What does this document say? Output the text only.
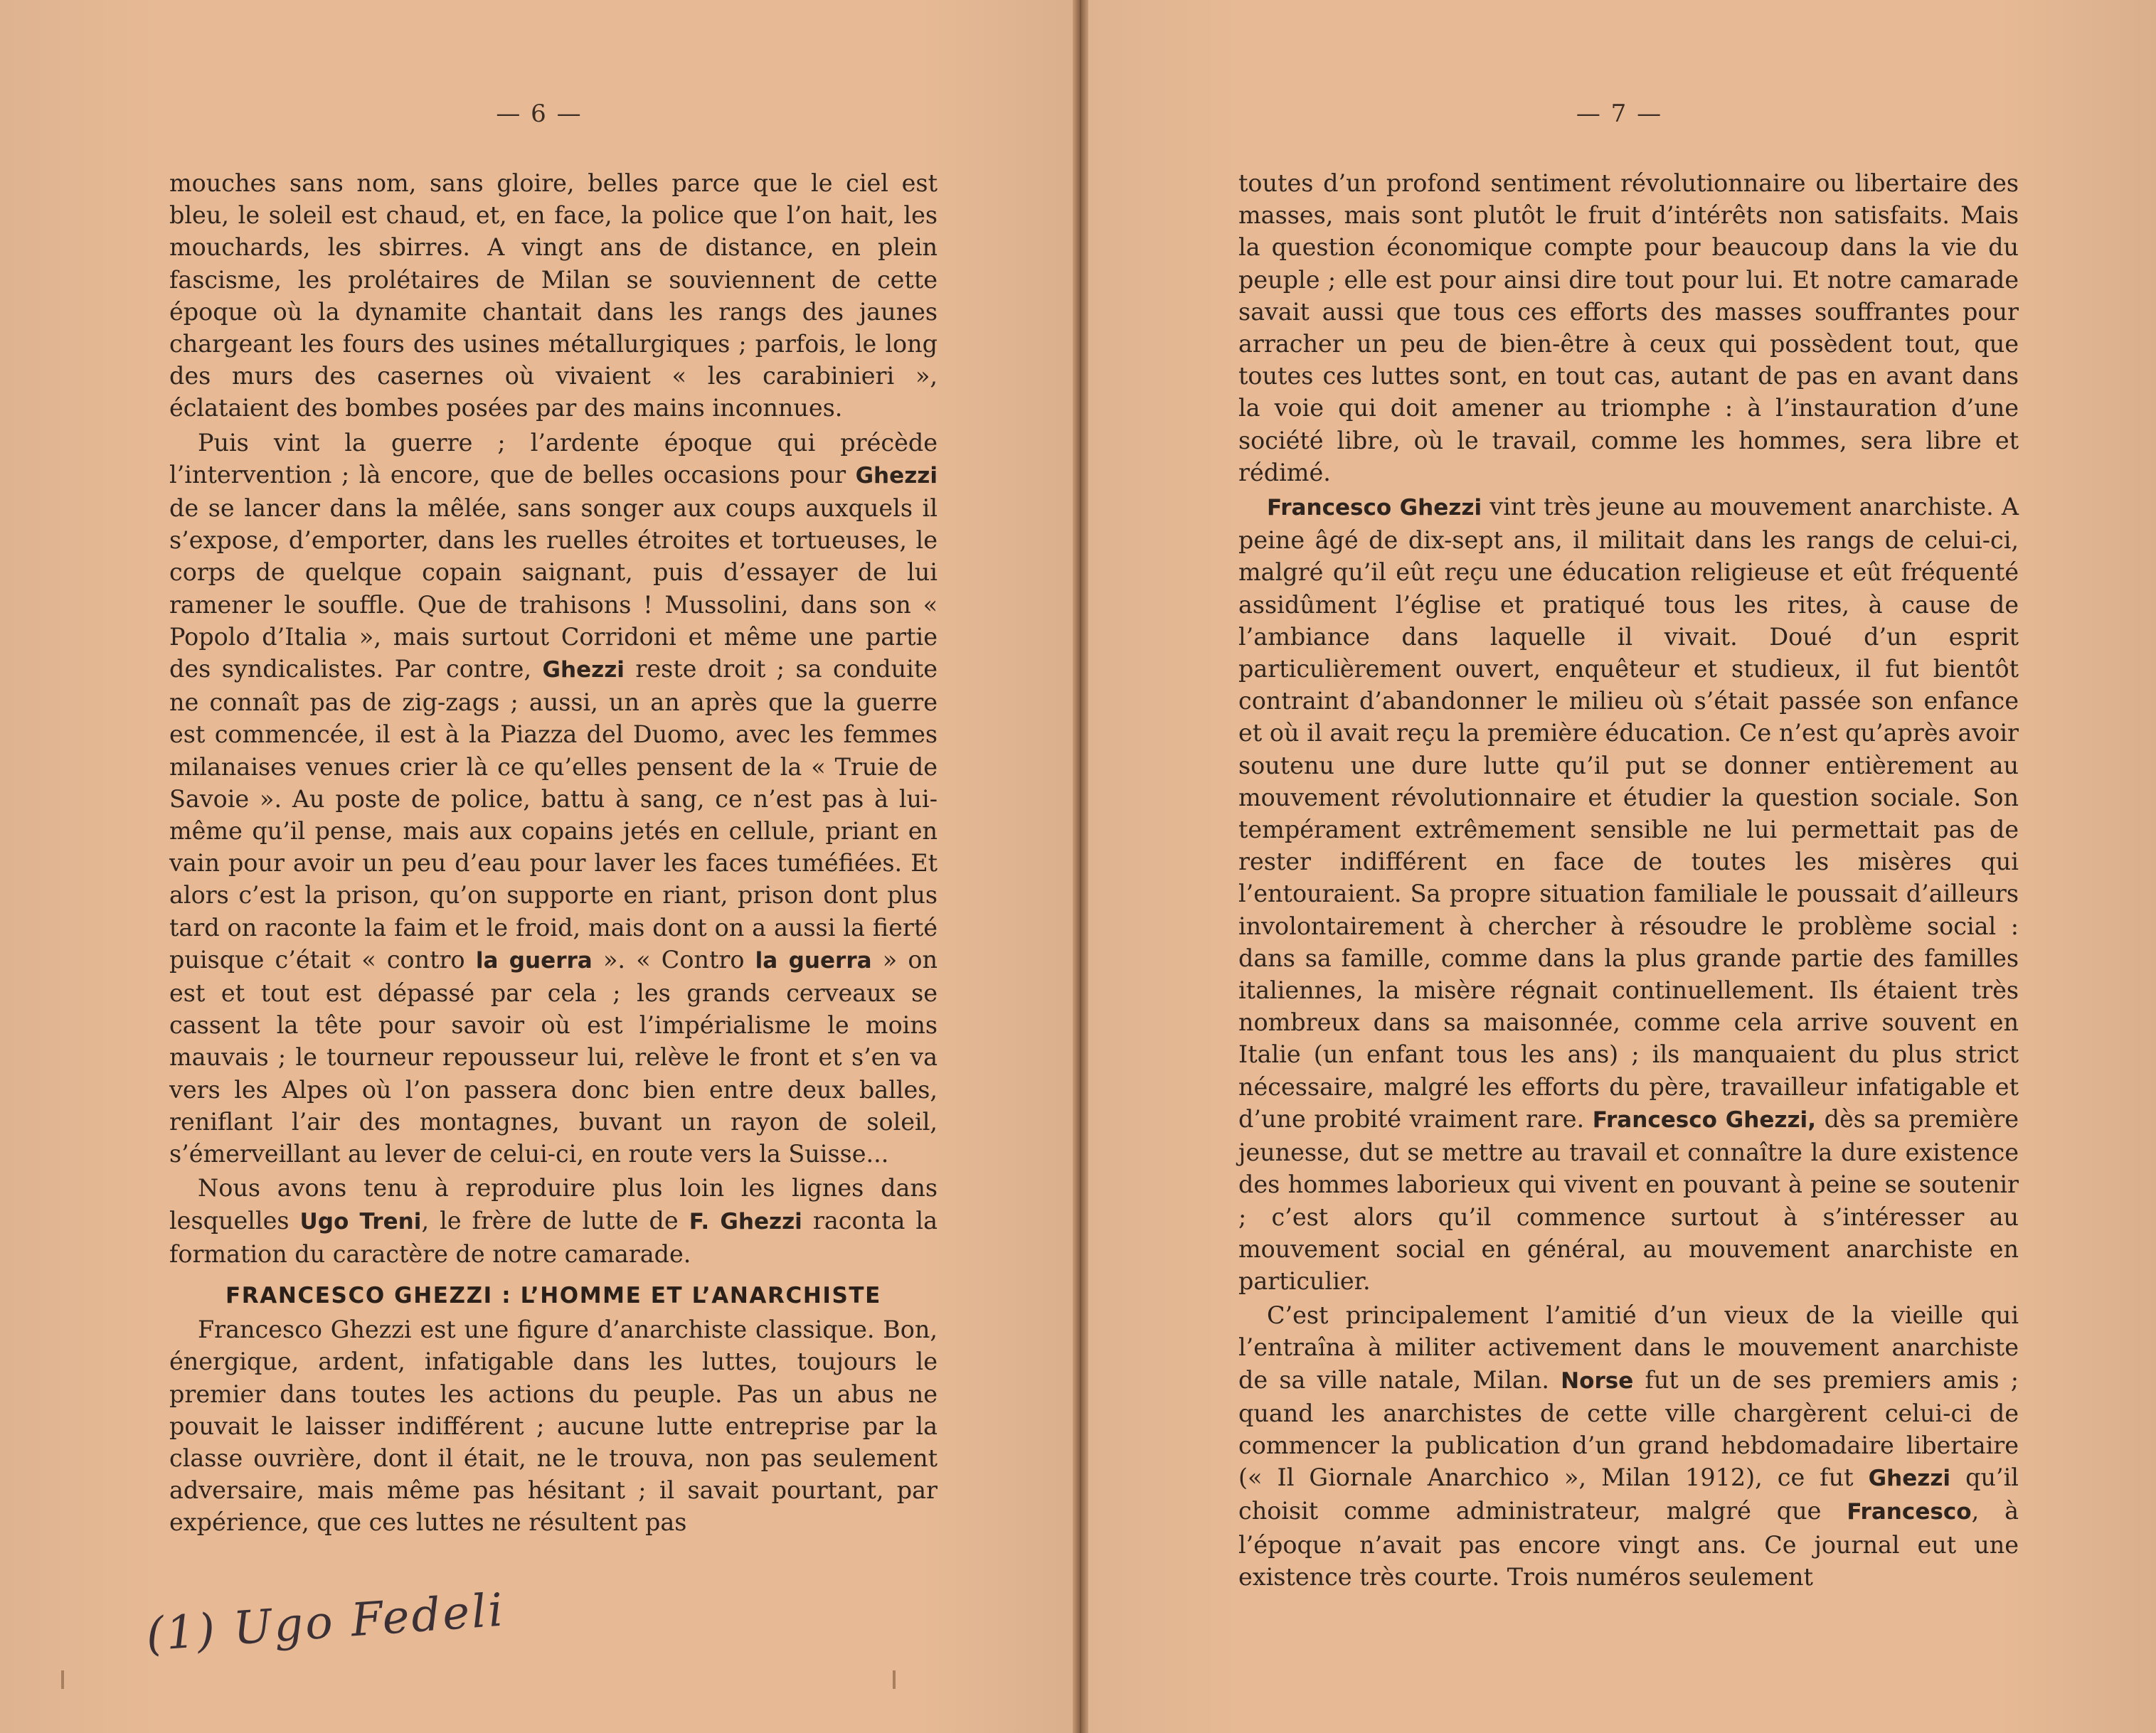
— 6 —

mouches sans nom, sans gloire, belles parce que le ciel est bleu, le soleil est chaud, et, en face, la police que l’on hait, les mouchards, les sbirres. A vingt ans de distance, en plein fascisme, les prolétaires de Milan se souviennent de cette époque où la dynamite chantait dans les rangs des jaunes chargeant les fours des usines métallurgiques ; parfois, le long des murs des casernes où vivaient « les carabinieri », éclataient des bombes posées par des mains inconnues.

Puis vint la guerre ; l’ardente époque qui précède l’intervention ; là encore, que de belles occasions pour Ghezzi de se lancer dans la mêlée, sans songer aux coups auxquels il s’expose, d’emporter, dans les ruelles étroites et tortueuses, le corps de quelque copain saignant, puis d’essayer de lui ramener le souffle. Que de trahisons ! Mussolini, dans son « Popolo d’Italia », mais surtout Corridoni et même une partie des syndicalistes. Par contre, Ghezzi reste droit ; sa conduite ne connaît pas de zig-zags ; aussi, un an après que la guerre est commencée, il est à la Piazza del Duomo, avec les femmes milanaises venues crier là ce qu’elles pensent de la « Truie de Savoie ». Au poste de police, battu à sang, ce n’est pas à lui-même qu’il pense, mais aux copains jetés en cellule, priant en vain pour avoir un peu d’eau pour laver les faces tuméfiées. Et alors c’est la prison, qu’on supporte en riant, prison dont plus tard on raconte la faim et le froid, mais dont on a aussi la fierté puisque c’était « contro la guerra ». « Contro la guerra » on est et tout est dépassé par cela ; les grands cerveaux se cassent la tête pour savoir où est l’impérialisme le moins mauvais ; le tourneur repousseur lui, relève le front et s’en va vers les Alpes où l’on passera donc bien entre deux balles, reniflant l’air des montagnes, buvant un rayon de soleil, s’émerveillant au lever de celui-ci, en route vers la Suisse...

Nous avons tenu à reproduire plus loin les lignes dans lesquelles Ugo Treni, le frère de lutte de F. Ghezzi raconta la formation du caractère de notre camarade.

FRANCESCO GHEZZI : L’HOMME ET L’ANARCHISTE

Francesco Ghezzi est une figure d’anarchiste classique. Bon, énergique, ardent, infatigable dans les luttes, toujours le premier dans toutes les actions du peuple. Pas un abus ne pouvait le laisser indifférent ; aucune lutte entreprise par la classe ouvrière, dont il était, ne le trouva, non pas seulement adversaire, mais même pas hésitant ; il savait pourtant, par expérience, que ces luttes ne résultent pas

(1) Ugo Fedeli
— 7 —

toutes d’un profond sentiment révolutionnaire ou libertaire des masses, mais sont plutôt le fruit d’intérêts non satisfaits. Mais la question économique compte pour beaucoup dans la vie du peuple ; elle est pour ainsi dire tout pour lui. Et notre camarade savait aussi que tous ces efforts des masses souffrantes pour arracher un peu de bien-être à ceux qui possèdent tout, que toutes ces luttes sont, en tout cas, autant de pas en avant dans la voie qui doit amener au triomphe : à l’instauration d’une société libre, où le travail, comme les hommes, sera libre et rédimé.

Francesco Ghezzi vint très jeune au mouvement anarchiste. A peine âgé de dix-sept ans, il militait dans les rangs de celui-ci, malgré qu’il eût reçu une éducation religieuse et eût fréquenté assidûment l’église et pratiqué tous les rites, à cause de l’ambiance dans laquelle il vivait. Doué d’un esprit particulièrement ouvert, enquêteur et studieux, il fut bientôt contraint d’abandonner le milieu où s’était passée son enfance et où il avait reçu la première éducation. Ce n’est qu’après avoir soutenu une dure lutte qu’il put se donner entièrement au mouvement révolutionnaire et étudier la question sociale. Son tempérament extrêmement sensible ne lui permettait pas de rester indifférent en face de toutes les misères qui l’entouraient. Sa propre situation familiale le poussait d’ailleurs involontairement à chercher à résoudre le problème social : dans sa famille, comme dans la plus grande partie des familles italiennes, la misère régnait continuellement. Ils étaient très nombreux dans sa maisonnée, comme cela arrive souvent en Italie (un enfant tous les ans) ; ils manquaient du plus strict nécessaire, malgré les efforts du père, travailleur infatigable et d’une probité vraiment rare. Francesco Ghezzi, dès sa première jeunesse, dut se mettre au travail et connaître la dure existence des hommes laborieux qui vivent en pouvant à peine se soutenir ; c’est alors qu’il commence surtout à s’intéresser au mouvement social en général, au mouvement anarchiste en particulier.

C’est principalement l’amitié d’un vieux de la vieille qui l’entraîna à militer activement dans le mouvement anarchiste de sa ville natale, Milan. Norse fut un de ses premiers amis ; quand les anarchistes de cette ville chargèrent celui-ci de commencer la publication d’un grand hebdomadaire libertaire (« Il Giornale Anarchico », Milan 1912), ce fut Ghezzi qu’il choisit comme administrateur, malgré que Francesco, à l’époque n’avait pas encore vingt ans. Ce journal eut une existence très courte. Trois numéros seulement
